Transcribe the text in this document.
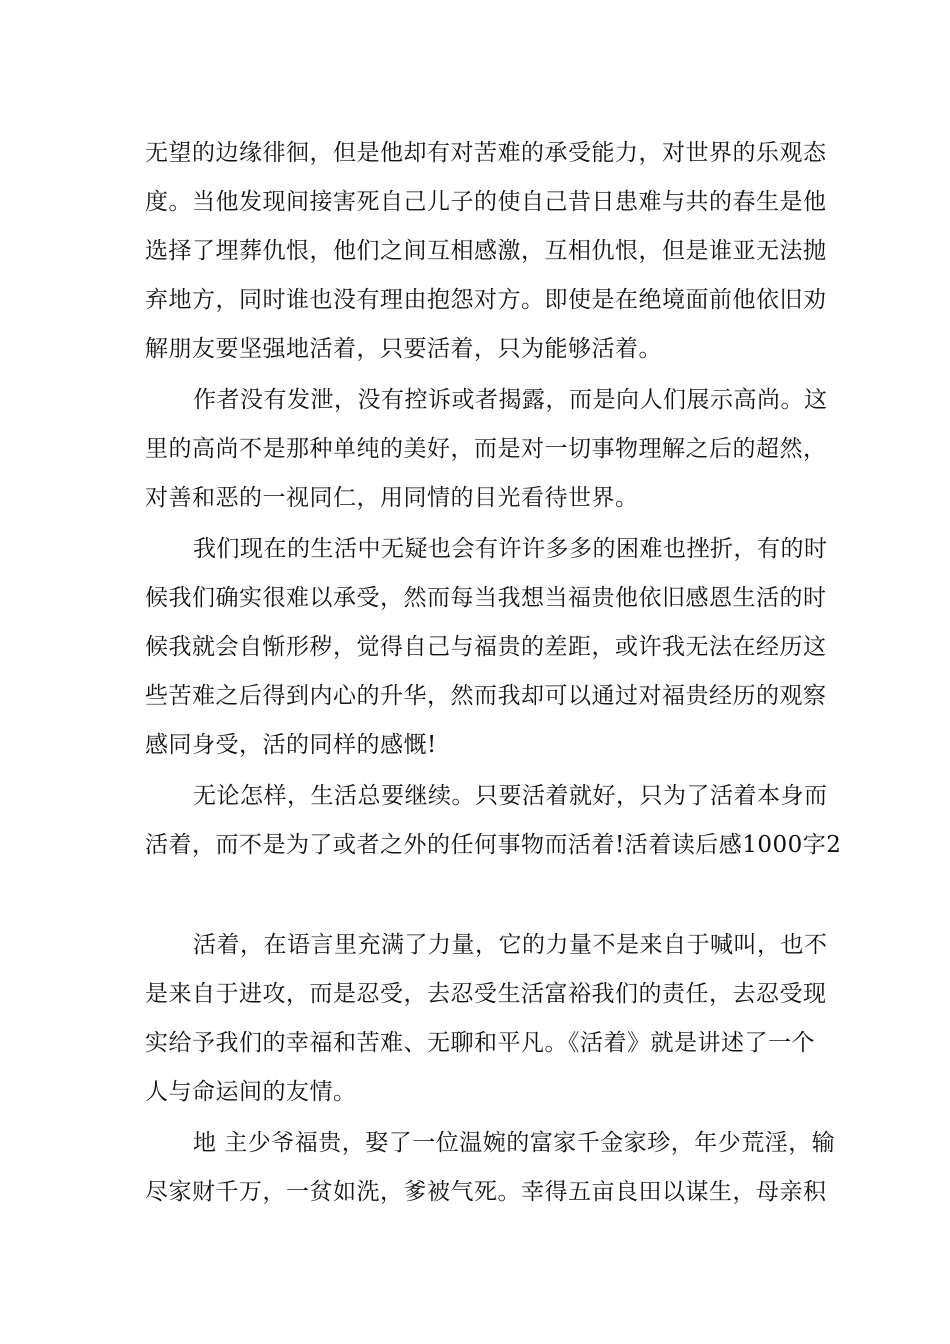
无望的边缘徘徊，但是他却有对苦难的承受能力，对世界的乐观态
度。当他发现间接害死自己儿子的使自己昔日患难与共的春生是他
选择了埋葬仇恨，他们之间互相感激，互相仇恨，但是谁亚无法抛
弃地方，同时谁也没有理由抱怨对方。即使是在绝境面前他依旧劝
解朋友要坚强地活着，只要活着，只为能够活着。
作者没有发泄，没有控诉或者揭露，而是向人们展示高尚。这
里的高尚不是那种单纯的美好，而是对一切事物理解之后的超然，
对善和恶的一视同仁，用同情的目光看待世界。
我们现在的生活中无疑也会有许许多多的困难也挫折，有的时
候我们确实很难以承受，然而每当我想当福贵他依旧感恩生活的时
候我就会自惭形秽，觉得自己与福贵的差距，或许我无法在经历这
些苦难之后得到内心的升华，然而我却可以通过对福贵经历的观察
感同身受，活的同样的感慨!
无论怎样，生活总要继续。只要活着就好，只为了活着本身而
活着，而不是为了或者之外的任何事物而活着!活着读后感1000字2
活着，在语言里充满了力量，它的力量不是来自于喊叫，也不
是来自于进攻，而是忍受，去忍受生活富裕我们的责任，去忍受现
实给予我们的幸福和苦难、无聊和平凡。《活着》就是讲述了一个
人与命运间的友情。
地 主少爷福贵，娶了一位温婉的富家千金家珍，年少荒淫，输
尽家财千万，一贫如洗，爹被气死。幸得五亩良田以谋生，母亲积
